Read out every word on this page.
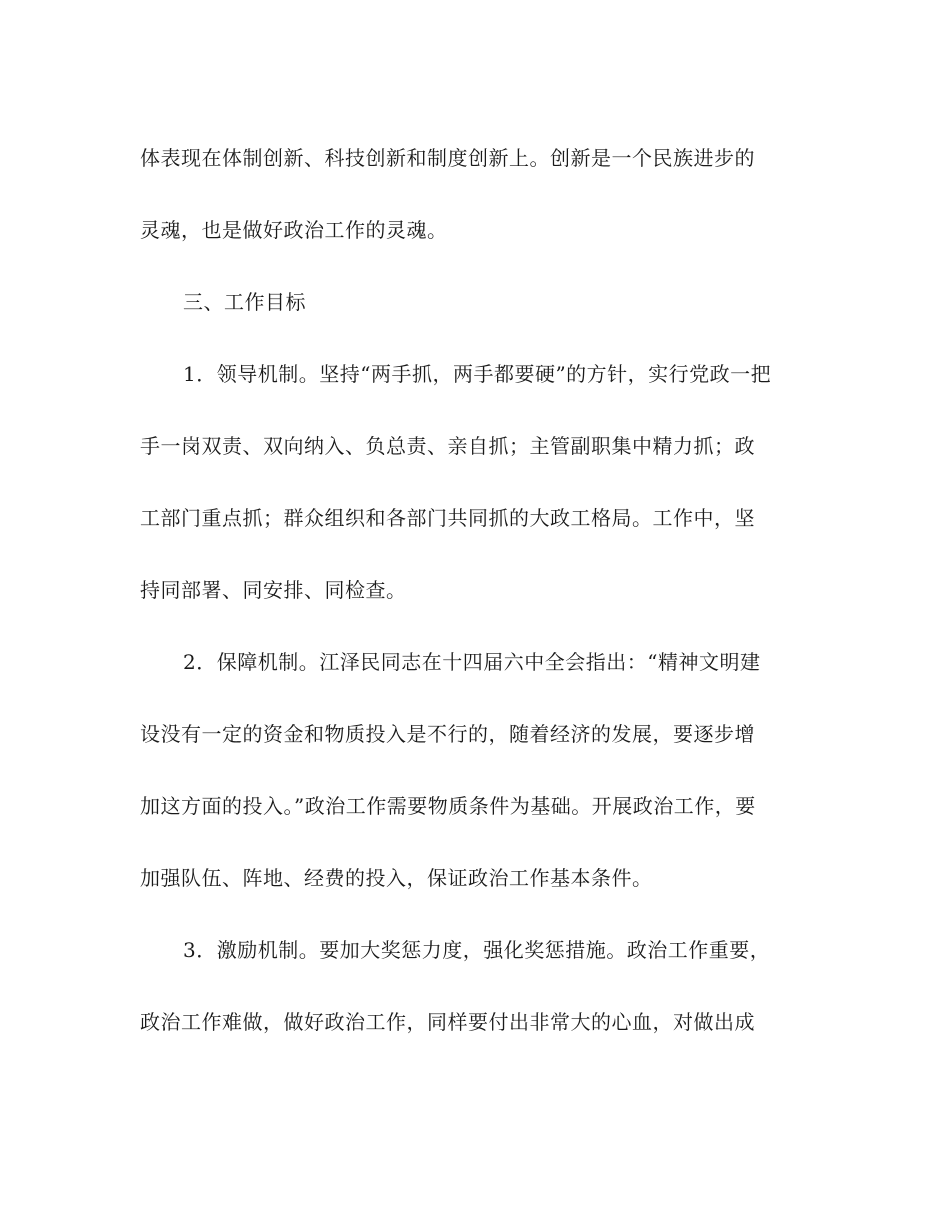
体表现在体制创新、科技创新和制度创新上。创新是一个民族进步的
灵魂，也是做好政治工作的灵魂。
三、工作目标
1．领导机制。坚持“两手抓，两手都要硬”的方针，实行党政一把
手一岗双责、双向纳入、负总责、亲自抓；主管副职集中精力抓；政
工部门重点抓；群众组织和各部门共同抓的大政工格局。工作中，坚
持同部署、同安排、同检查。
2．保障机制。江泽民同志在十四届六中全会指出：“精神文明建
设没有一定的资金和物质投入是不行的，随着经济的发展，要逐步增
加这方面的投入。”政治工作需要物质条件为基础。开展政治工作，要
加强队伍、阵地、经费的投入，保证政治工作基本条件。
3．激励机制。要加大奖惩力度，强化奖惩措施。政治工作重要，
政治工作难做，做好政治工作，同样要付出非常大的心血，对做出成
